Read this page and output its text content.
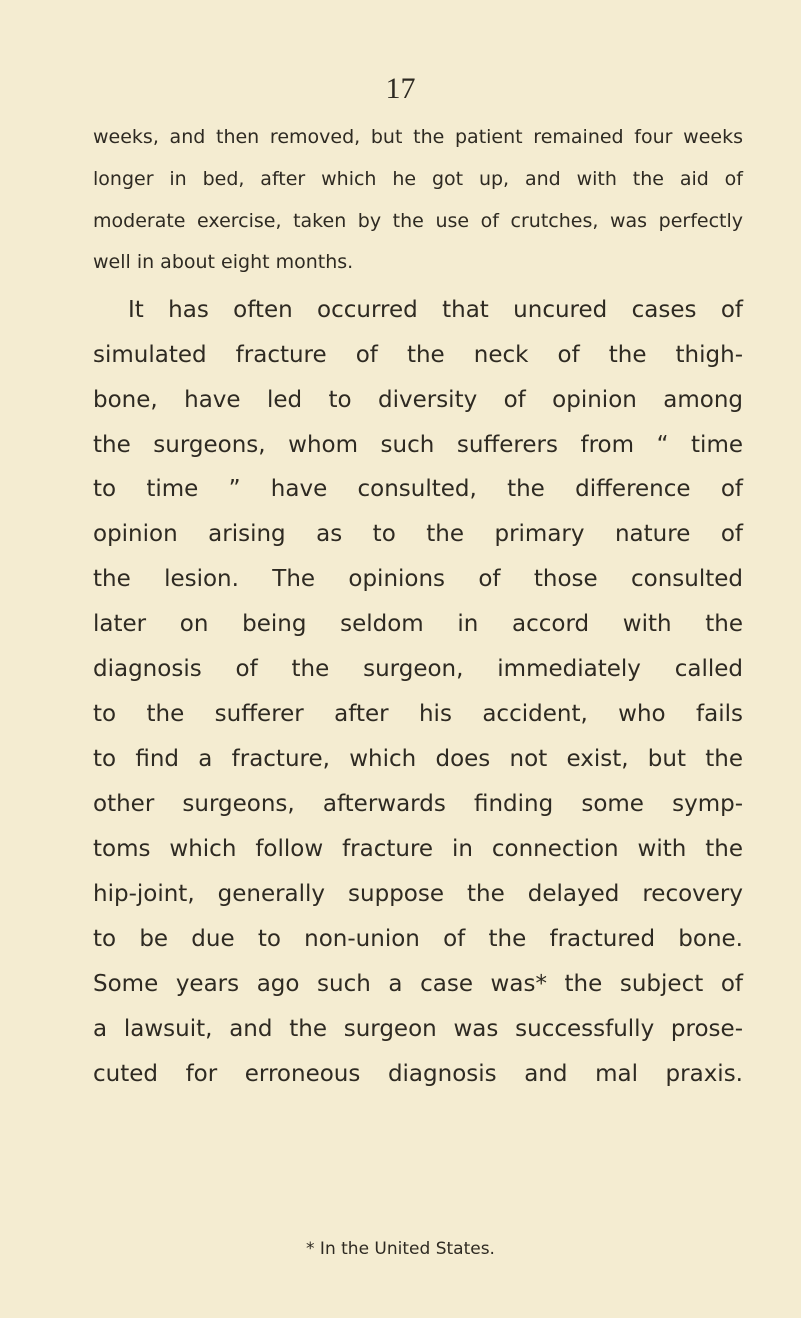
17
weeks, and then removed, but the patient remained four weeks
longer in bed, after which he got up, and with the aid of
moderate exercise, taken by the use of crutches, was perfectly
well in about eight months.
It has often occurred that uncured cases of
simulated fracture of the neck of the thigh-
bone, have led to diversity of opinion among
the surgeons, whom such sufferers from “ time
to time ” have consulted, the difference of
opinion arising as to the primary nature of
the lesion. The opinions of those consulted
later on being seldom in accord with the
diagnosis of the surgeon, immediately called
to the sufferer after his accident, who fails
to find a fracture, which does not exist, but the
other surgeons, afterwards finding some symp-
toms which follow fracture in connection with the
hip-joint, generally suppose the delayed recovery
to be due to non-union of the fractured bone.
Some years ago such a case was* the subject of
a lawsuit, and the surgeon was successfully prose-
cuted for erroneous diagnosis and mal praxis.
* In the United States.
